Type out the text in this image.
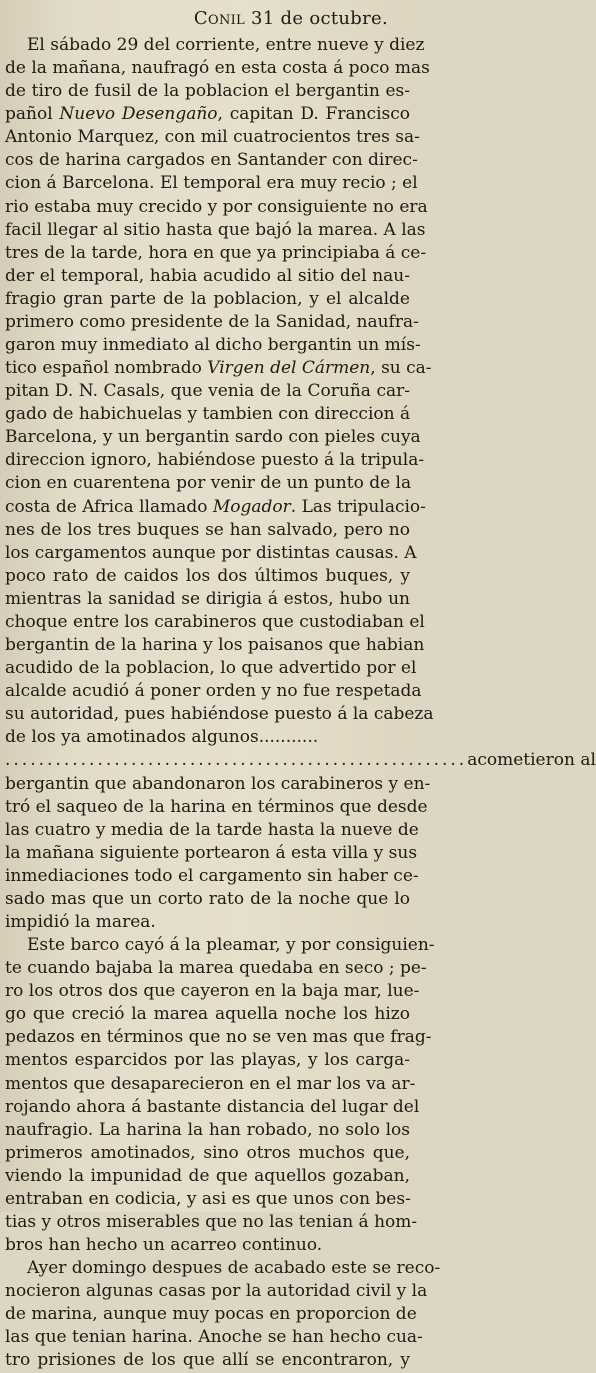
Conil 31 de octubre.
El sábado 29 del corriente, entre nueve y diez
de la mañana, naufragó en esta costa á poco mas
de tiro de fusil de la poblacion el bergantin es-
pañol Nuevo Desengaño, capitan D. Francisco
Antonio Marquez, con mil cuatrocientos tres sa-
cos de harina cargados en Santander con direc-
cion á Barcelona. El temporal era muy recio ; el
rio estaba muy crecido y por consiguiente no era
facil llegar al sitio hasta que bajó la marea. A las
tres de la tarde, hora en que ya principiaba á ce-
der el temporal, habia acudido al sitio del nau-
fragio gran parte de la poblacion, y el alcalde
primero como presidente de la Sanidad, naufra-
garon muy inmediato al dicho bergantin un mís-
tico español nombrado Virgen del Cármen, su ca-
pitan D. N. Casals, que venia de la Coruña car-
gado de habichuelas y tambien con direccion á
Barcelona, y un bergantin sardo con pieles cuya
direccion ignoro, habiéndose puesto á la tripula-
cion en cuarentena por venir de un punto de la
costa de Africa llamado Mogador. Las tripulacio-
nes de los tres buques se han salvado, pero no
los cargamentos aunque por distintas causas. A
poco rato de caidos los dos últimos buques, y
mientras la sanidad se dirigia á estos, hubo un
choque entre los carabineros que custodiaban el
bergantin de la harina y los paisanos que habian
acudido de la poblacion, lo que advertido por el
alcalde acudió á poner orden y no fue respetada
su autoridad, pues habiéndose puesto á la cabeza
de los ya amotinados algunos...........
....................................................... acometieron al
bergantin que abandonaron los carabineros y en-
tró el saqueo de la harina en términos que desde
las cuatro y media de la tarde hasta la nueve de
la mañana siguiente portearon á esta villa y sus
inmediaciones todo el cargamento sin haber ce-
sado mas que un corto rato de la noche que lo
impidió la marea.
Este barco cayó á la pleamar, y por consiguien-
te cuando bajaba la marea quedaba en seco ; pe-
ro los otros dos que cayeron en la baja mar, lue-
go que creció la marea aquella noche los hizo
pedazos en términos que no se ven mas que frag-
mentos esparcidos por las playas, y los carga-
mentos que desaparecieron en el mar los va ar-
rojando ahora á bastante distancia del lugar del
naufragio. La harina la han robado, no solo los
primeros amotinados, sino otros muchos que,
viendo la impunidad de que aquellos gozaban,
entraban en codicia, y asi es que unos con bes-
tias y otros miserables que no las tenian á hom-
bros han hecho un acarreo continuo.
Ayer domingo despues de acabado este se reco-
nocieron algunas casas por la autoridad civil y la
de marina, aunque muy pocas en proporcion de
las que tenian harina. Anoche se han hecho cua-
tro prisiones de los que allí se encontraron, y
